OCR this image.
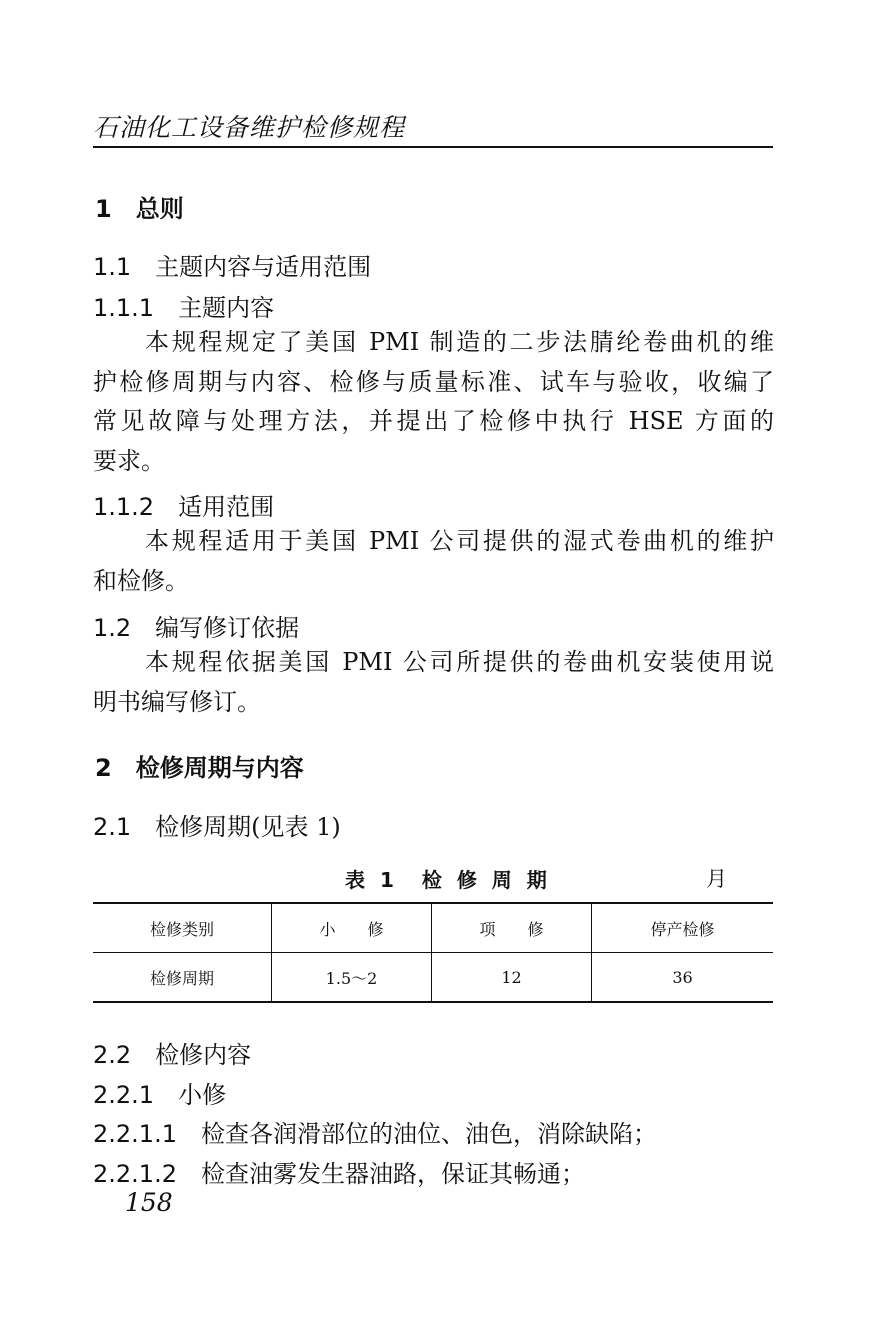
石油化工设备维护检修规程
1 总则
1.1 主题内容与适用范围
1.1.1 主题内容
本规程规定了美国 PMI 制造的二步法腈纶卷曲机的维
护检修周期与内容、检修与质量标准、试车与验收，收编了
常见故障与处理方法，并提出了检修中执行 HSE 方面的
要求。
1.1.2 适用范围
本规程适用于美国 PMI 公司提供的湿式卷曲机的维护
和检修。
1.2 编写修订依据
本规程依据美国 PMI 公司所提供的卷曲机安装使用说
明书编写修订。
2 检修周期与内容
2.1 检修周期(见表 1)
表 1　检 修 周 期	月
检修类别	小　　修	项　　修	停产检修
检修周期	1.5～2	12	36
2.2 检修内容
2.2.1 小修
2.2.1.1 检查各润滑部位的油位、油色，消除缺陷；
2.2.1.2 检查油雾发生器油路，保证其畅通；
158
